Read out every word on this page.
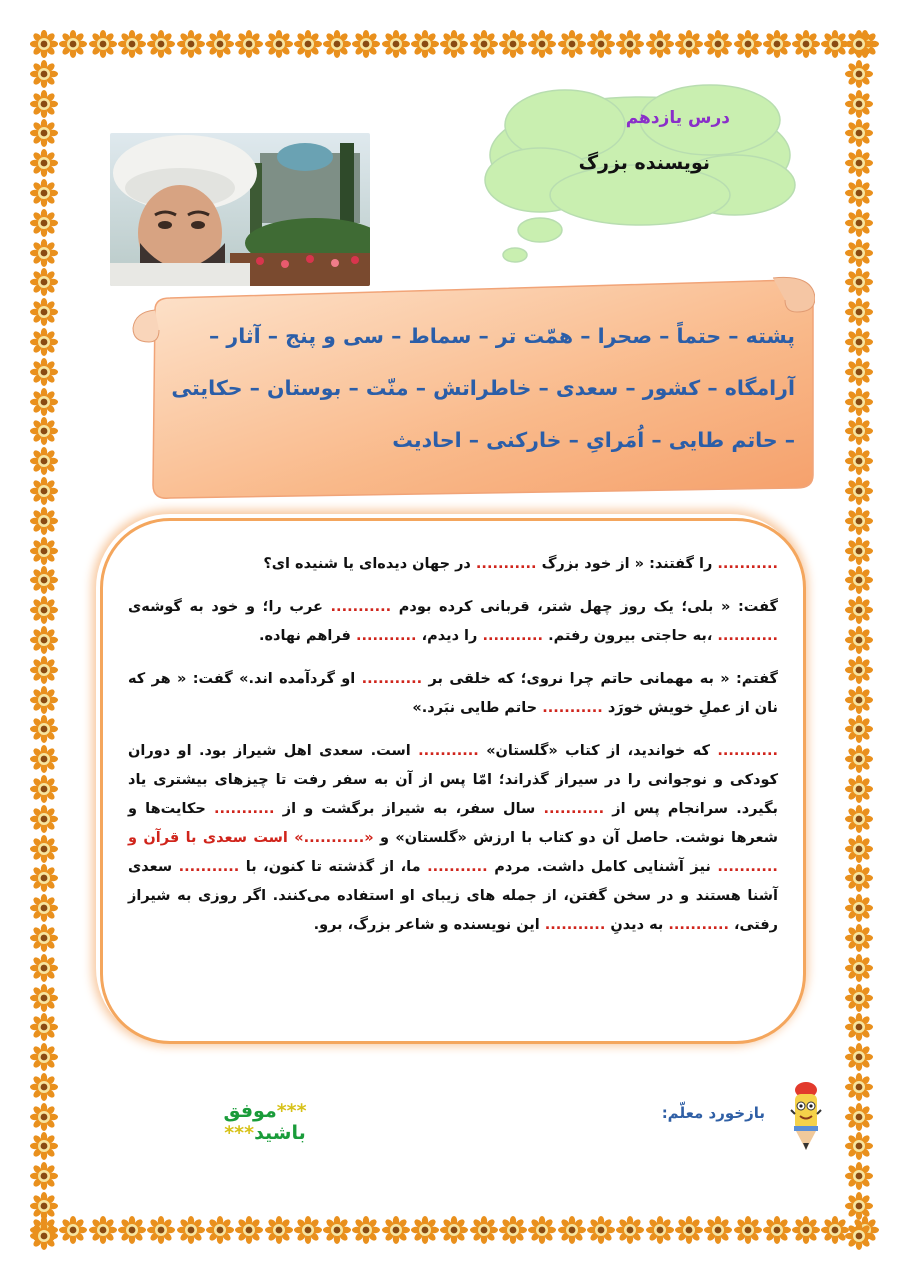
درس یازدهم
نویسنده بزرگ
پشته – حتماً – صحرا – همّت تر – سماط – سی و پنج – آثار –
آرامگاه – کشور – سعدی – خاطراتش – منّت – بوستان – حکایتی
– حاتم طایی – اُمَرایِ – خارکنی – احادیث

........... را گفتند: « از خود بزرگ ........... در جهان دیده‌ای یا شنیده ای؟

گفت: « بلی؛ یک روز چهل شتر، قربانی کرده بودم ........... عرب را؛ و خود به گوشه‌ی ........... ،به حاجتی بیرون رفتم. ........... را دیدم، ........... فراهم نهاده.

گفتم: « به مهمانی حاتم چرا نروی؛ که خلقی بر ........... او گردآمده اند.» گفت: « هر که نان از عملِ خویش خورَد ........... حاتم طایی نبَرد.»

........... که خواندید، از کتاب «گلستان» ........... است. سعدی اهل شیراز بود. او دوران کودکی و نوجوانی را در سیراز گذراند؛ امّا پس از آن به سفر رفت تا چیزهای بیشتری یاد بگیرد. سرانجام پس از ........... سال سفر، به شیراز برگشت و از ........... حکایت‌ها و شعرها نوشت. حاصل آن دو کتاب با ارزش «گلستان» و «...........» است سعدی با قرآن و ........... نیز آشنایی کامل داشت. مردم ........... ما، از گذشته تا کنون، با ........... سعدی آشنا هستند و در سخن گفتن، از جمله های زیبای او استفاده می‌کنند. اگر روزی به شیراز رفتی، ........... به دیدنِ ........... این نویسنده و شاعر بزرگ، برو.

***موفق باشید***
بازخورد معلّم:
